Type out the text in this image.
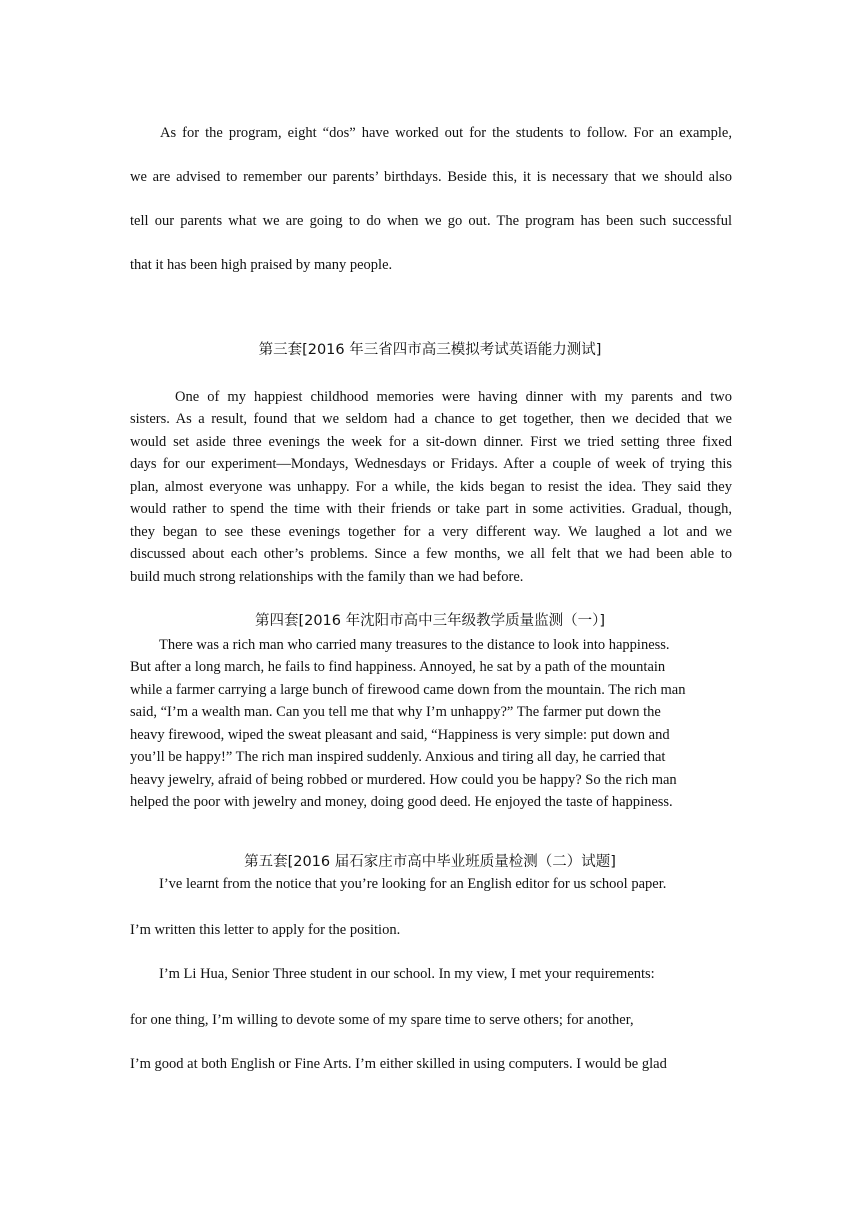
As for the program, eight “dos” have worked out for the students to follow. For an example,
we are advised to remember our parents’ birthdays. Beside this, it is necessary that we should also
tell our parents what we are going to do when we go out. The program has been such successful
that it has been high praised by many people.
第三套[2016 年三省四市高三模拟考试英语能力测试]
One of my happiest childhood memories were having dinner with my parents and two
sisters. As a result, found that we seldom had a chance to get together, then we decided that we
would set aside three evenings the week for a sit-down dinner. First we tried setting three fixed
days for our experiment—Mondays, Wednesdays or Fridays. After a couple of week of trying this
plan, almost everyone was unhappy. For a while, the kids began to resist the idea. They said they
would rather to spend the time with their friends or take part in some activities. Gradual, though,
they began to see these evenings together for a very different way. We laughed a lot and we
discussed about each other’s problems. Since a few months, we all felt that we had been able to
build much strong relationships with the family than we had before.
第四套[2016 年沈阳市高中三年级教学质量监测（一）]
There was a rich man who carried many treasures to the distance to look into happiness.
But after a long march, he fails to find happiness. Annoyed, he sat by a path of the mountain
while a farmer carrying a large bunch of firewood came down from the mountain. The rich man
said, “I’m a wealth man. Can you tell me that why I’m unhappy?” The farmer put down the
heavy firewood, wiped the sweat pleasant and said, “Happiness is very simple: put down and
you’ll be happy!” The rich man inspired suddenly. Anxious and tiring all day, he carried that
heavy jewelry, afraid of being robbed or murdered. How could you be happy? So the rich man
helped the poor with jewelry and money, doing good deed. He enjoyed the taste of happiness.
第五套[2016 届石家庄市高中毕业班质量检测（二）试题]
I’ve learnt from the notice that you’re looking for an English editor for us school paper.
I’m written this letter to apply for the position.
I’m Li Hua, Senior Three student in our school. In my view, I met your requirements:
for one thing, I’m willing to devote some of my spare time to serve others; for another,
I’m good at both English or Fine Arts. I’m either skilled in using computers. I would be glad
